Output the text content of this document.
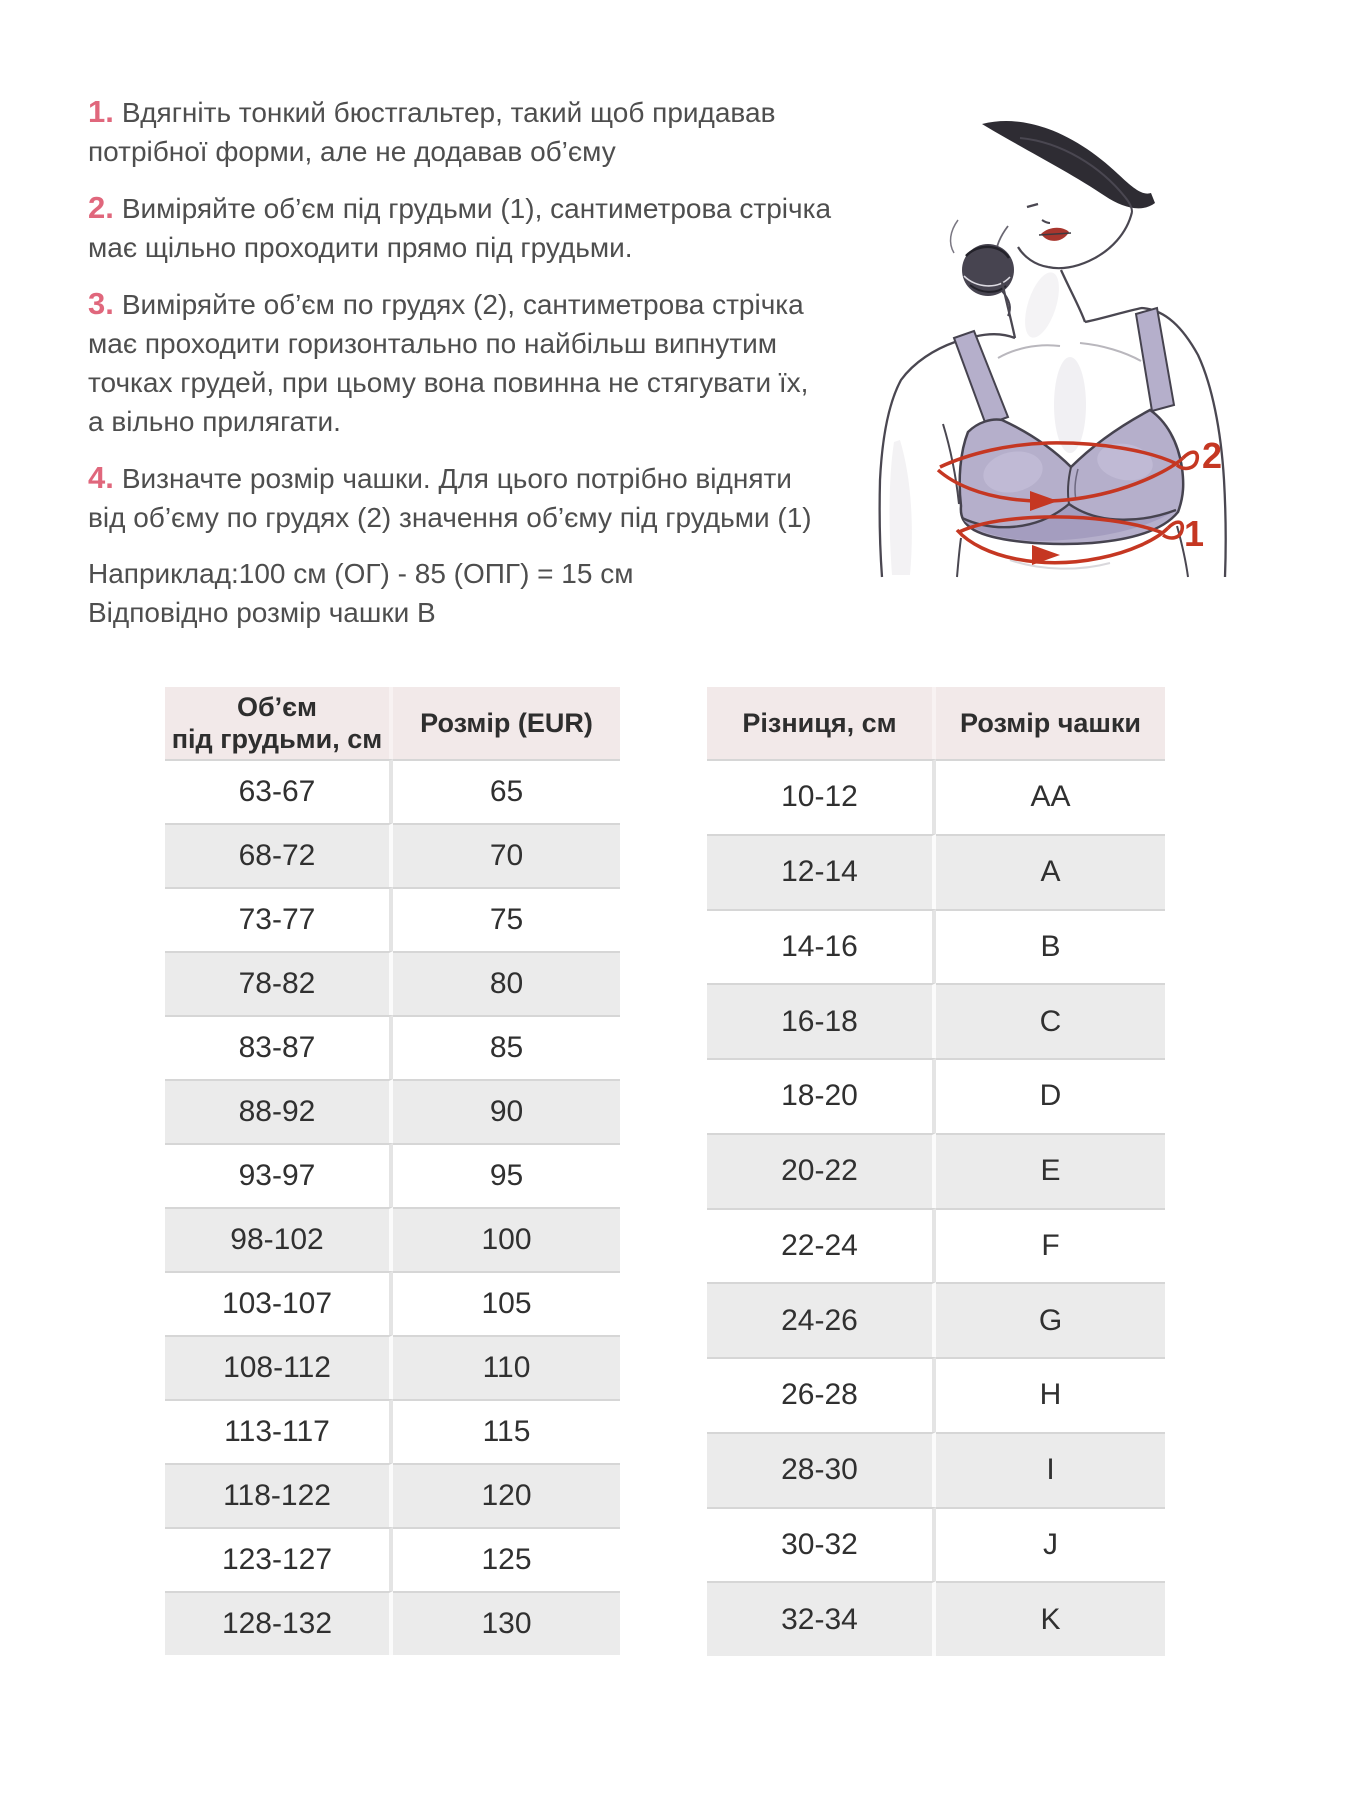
1. Вдягніть тонкий бюстгальтер, такий щоб придавав
потрібної форми, але не додавав об’єму
2. Виміряйте об’єм під грудьми (1), сантиметрова стрічка
має щільно проходити прямо під грудьми.
3. Виміряйте об’єм по грудях (2), сантиметрова стрічка
має проходити горизонтально по найбільш випнутим
точках грудей, при цьому вона повинна не стягувати їх,
а вільно прилягати.
4. Визначте розмір чашки. Для цього потрібно відняти
від об’єму по грудях (2) значення об’єму під грудьми (1)
Наприклад:100 см (ОГ) - 85 (ОПГ) = 15 см
Відповідно розмір чашки В
2
1
Об’єм
під грудьми, см	Розмір (EUR)
63-67	65
68-72	70
73-77	75
78-82	80
83-87	85
88-92	90
93-97	95
98-102	100
103-107	105
108-112	110
113-117	115
118-122	120
123-127	125
128-132	130
Різниця, см	Розмір чашки
10-12	AA
12-14	A
14-16	B
16-18	C
18-20	D
20-22	E
22-24	F
24-26	G
26-28	H
28-30	I
30-32	J
32-34	K
